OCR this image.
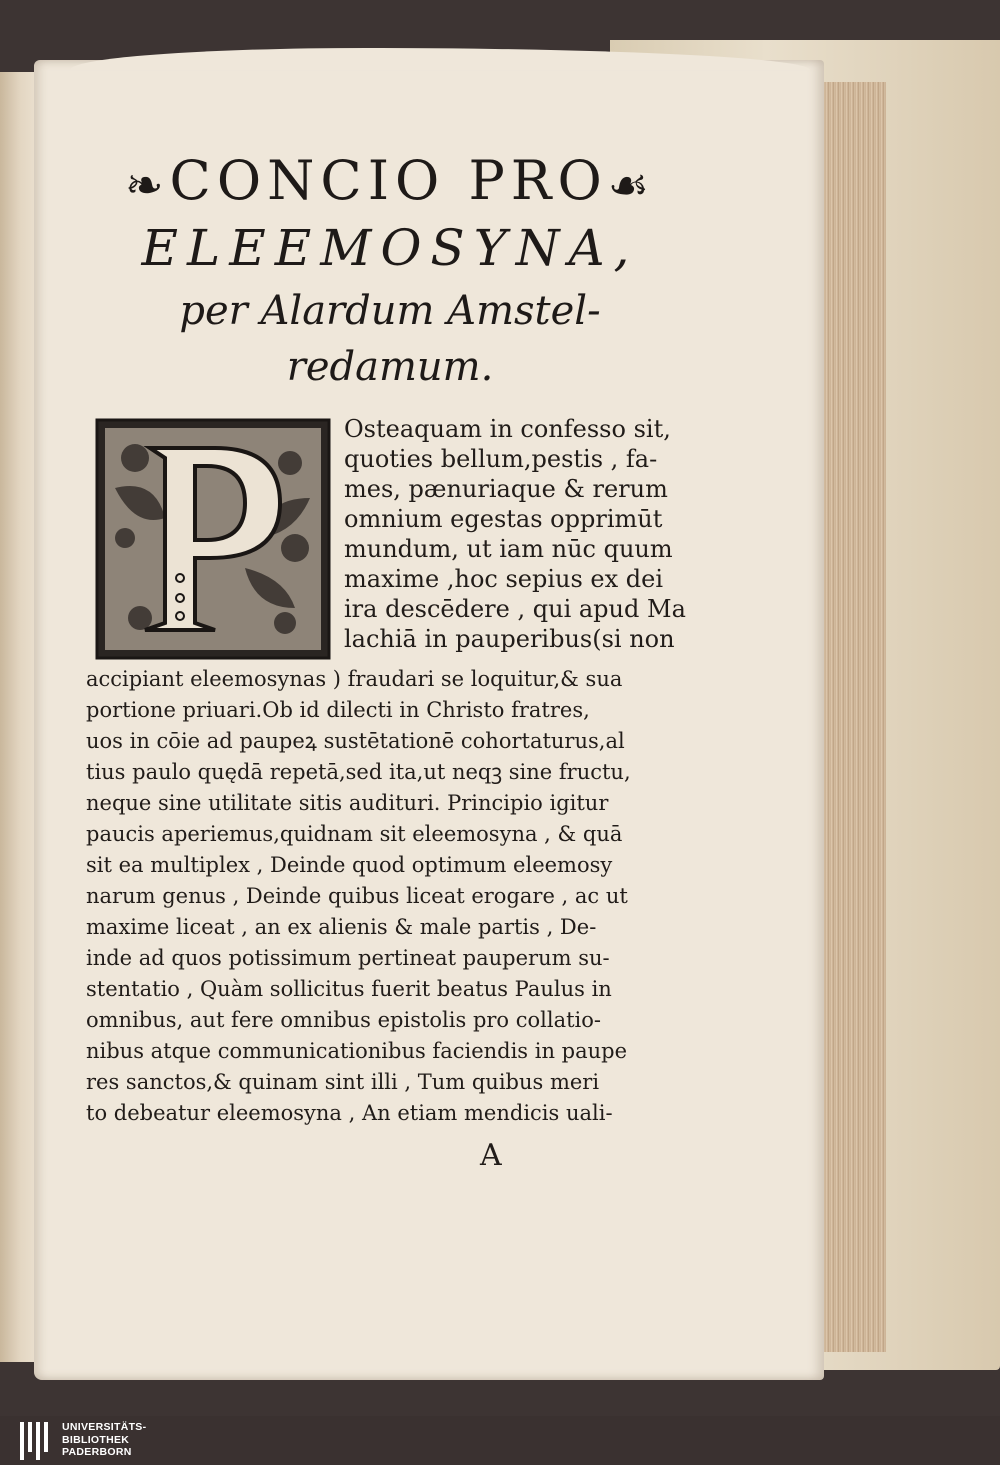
❧CONCIO PRO☙
ELEEMOSYNA,
per Alardum Amstel-
redamum.
Osteaquam in confesso sit,
quoties bellum,pestis , fa-
mes, pænuriaque & rerum
omnium egestas opprimūt
mundum, ut iam nūc quum
maxime ,hoc sepius ex dei
ira descēdere , qui apud Ma
lachiā in pauperibus(si non
accipiant eleemosynas ) fraudari se loquitur,& sua
portione priuari.Ob id dilecti in Christo fratres,
uos in cōie ad paupeꝝ sustētationē cohortaturus,al
tius paulo quędā repetā,sed ita,ut neqꝫ sine fructu,
neque sine utilitate sitis audituri. Principio igitur
paucis aperiemus,quidnam sit eleemosyna , & quā
sit ea multiplex , Deinde quod optimum eleemosy
narum genus , Deinde quibus liceat erogare , ac ut
maxime liceat , an ex alienis & male partis , De-
inde ad quos potissimum pertineat pauperum su-
stentatio , Quàm sollicitus fuerit beatus Paulus in
omnibus, aut fere omnibus epistolis pro collatio-
nibus atque communicationibus faciendis in paupe
res sanctos,& quinam sint illi , Tum quibus meri
to debeatur eleemosyna , An etiam mendicis uali-
A
UNIVERSITÄTS-
BIBLIOTHEK
PADERBORN
